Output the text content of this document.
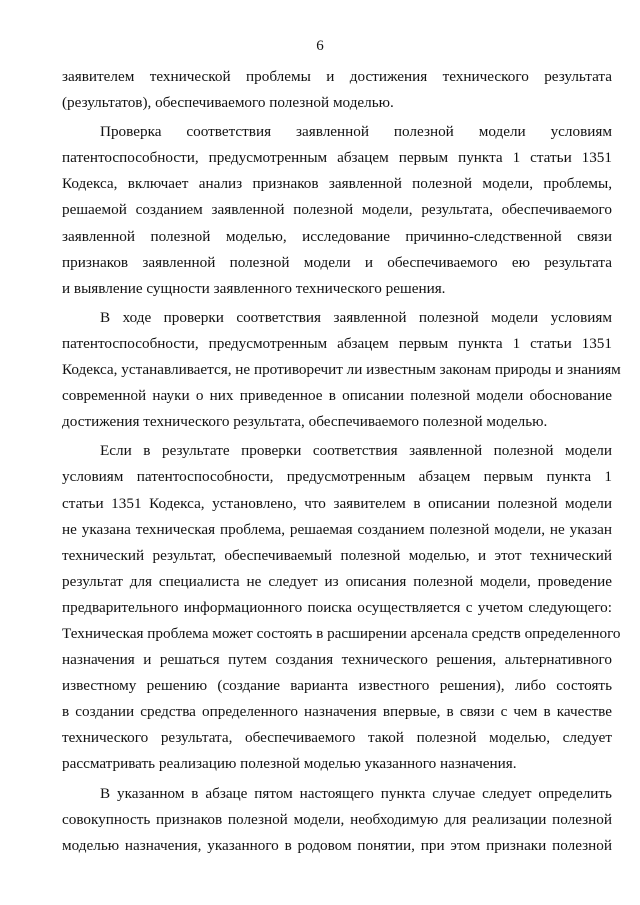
6
заявителем технической проблемы и достижения технического результата
(результатов), обеспечиваемого полезной моделью.
Проверка соответствия заявленной полезной модели условиям
патентоспособности, предусмотренным абзацем первым пункта 1 статьи 1351
Кодекса, включает анализ признаков заявленной полезной модели, проблемы,
решаемой созданием заявленной полезной модели, результата, обеспечиваемого
заявленной полезной моделью, исследование причинно-следственной связи
признаков заявленной полезной модели и обеспечиваемого ею результата
и выявление сущности заявленного технического решения.
В ходе проверки соответствия заявленной полезной модели условиям
патентоспособности, предусмотренным абзацем первым пункта 1 статьи 1351
Кодекса, устанавливается, не противоречит ли известным законам природы и знаниям
современной науки о них приведенное в описании полезной модели обоснование
достижения технического результата, обеспечиваемого полезной моделью.
Если в результате проверки соответствия заявленной полезной модели
условиям патентоспособности, предусмотренным абзацем первым пункта 1
статьи 1351 Кодекса, установлено, что заявителем в описании полезной модели
не указана техническая проблема, решаемая созданием полезной модели, не указан
технический результат, обеспечиваемый полезной моделью, и этот технический
результат для специалиста не следует из описания полезной модели, проведение
предварительного информационного поиска осуществляется с учетом следующего:
Техническая проблема может состоять в расширении арсенала средств определенного
назначения и решаться путем создания технического решения, альтернативного
известному решению (создание варианта известного решения), либо состоять
в создании средства определенного назначения впервые, в связи с чем в качестве
технического результата, обеспечиваемого такой полезной моделью, следует
рассматривать реализацию полезной моделью указанного назначения.
В указанном в абзаце пятом настоящего пункта случае следует определить
совокупность признаков полезной модели, необходимую для реализации полезной
моделью назначения, указанного в родовом понятии, при этом признаки полезной
